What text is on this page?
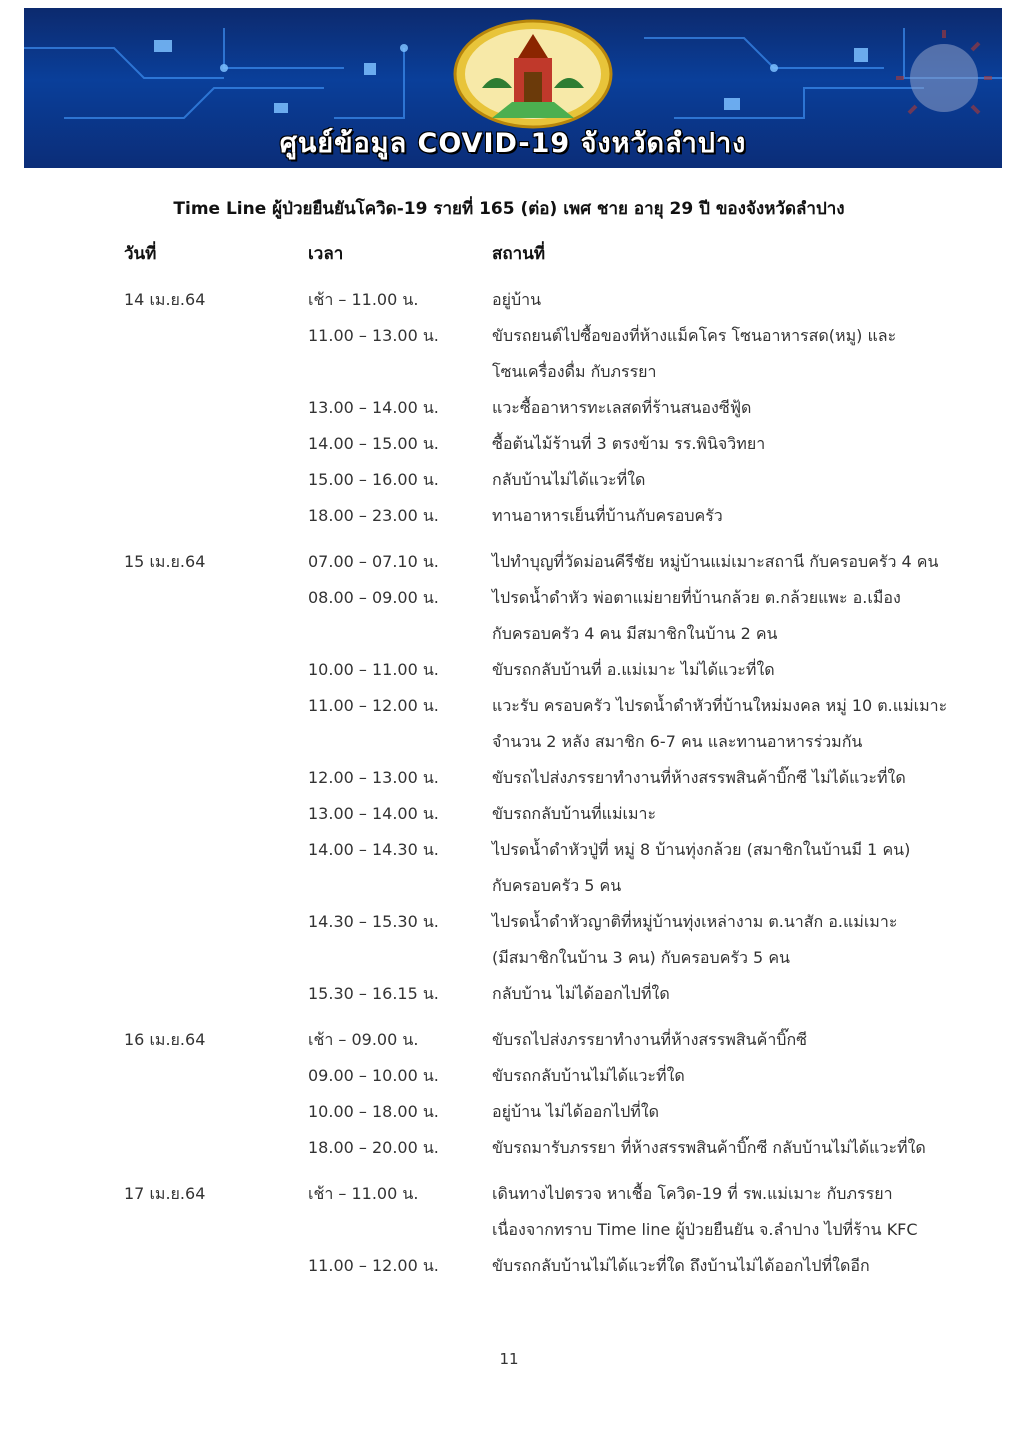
ศูนย์ข้อมูล COVID-19 จังหวัดลำปาง
Time Line ผู้ป่วยยืนยันโควิด-19 รายที่ 165 (ต่อ) เพศ ชาย อายุ 29 ปี ของจังหวัดลำปาง
วันที่	เวลา	สถานที่
14 เม.ย.64	เช้า – 11.00 น.	อยู่บ้าน
11.00 – 13.00 น.	ขับรถยนต์ไปซื้อของที่ห้างแม็คโคร โซนอาหารสด(หมู) และ
โซนเครื่องดื่ม กับภรรยา
13.00 – 14.00 น.	แวะซื้ออาหารทะเลสดที่ร้านสนองซีฟู้ด
14.00 – 15.00 น.	ซื้อต้นไม้ร้านที่ 3 ตรงข้าม รร.พินิจวิทยา
15.00 – 16.00 น.	กลับบ้านไม่ได้แวะที่ใด
18.00 – 23.00 น.	ทานอาหารเย็นที่บ้านกับครอบครัว
15 เม.ย.64	07.00 – 07.10 น.	ไปทำบุญที่วัดม่อนคีรีชัย หมู่บ้านแม่เมาะสถานี กับครอบครัว 4 คน
08.00 – 09.00 น.	ไปรดน้ำดำหัว พ่อตาแม่ยายที่บ้านกล้วย ต.กล้วยแพะ อ.เมือง
กับครอบครัว 4 คน มีสมาชิกในบ้าน 2 คน
10.00 – 11.00 น.	ขับรถกลับบ้านที่ อ.แม่เมาะ ไม่ได้แวะที่ใด
11.00 – 12.00 น.	แวะรับ ครอบครัว ไปรดน้ำดำหัวที่บ้านใหม่มงคล หมู่ 10 ต.แม่เมาะ
จำนวน 2 หลัง สมาชิก 6-7 คน และทานอาหารร่วมกัน
12.00 – 13.00 น.	ขับรถไปส่งภรรยาทำงานที่ห้างสรรพสินค้าบิ๊กซี ไม่ได้แวะที่ใด
13.00 – 14.00 น.	ขับรถกลับบ้านที่แม่เมาะ
14.00 – 14.30 น.	ไปรดน้ำดำหัวปู่ที่ หมู่ 8 บ้านทุ่งกล้วย (สมาชิกในบ้านมี 1 คน)
กับครอบครัว 5 คน
14.30 – 15.30 น.	ไปรดน้ำดำหัวญาติที่หมู่บ้านทุ่งเหล่างาม ต.นาสัก อ.แม่เมาะ
(มีสมาชิกในบ้าน 3 คน) กับครอบครัว 5 คน
15.30 – 16.15 น.	กลับบ้าน ไม่ได้ออกไปที่ใด
16 เม.ย.64	เช้า – 09.00 น.	ขับรถไปส่งภรรยาทำงานที่ห้างสรรพสินค้าบิ๊กซี
09.00 – 10.00 น.	ขับรถกลับบ้านไม่ได้แวะที่ใด
10.00 – 18.00 น.	อยู่บ้าน ไม่ได้ออกไปที่ใด
18.00 – 20.00 น.	ขับรถมารับภรรยา ที่ห้างสรรพสินค้าบิ๊กซี กลับบ้านไม่ได้แวะที่ใด
17 เม.ย.64	เช้า – 11.00 น.	เดินทางไปตรวจ หาเชื้อ โควิด-19 ที่ รพ.แม่เมาะ กับภรรยา
เนื่องจากทราบ Time line ผู้ป่วยยืนยัน จ.ลำปาง ไปที่ร้าน KFC
11.00 – 12.00 น.	ขับรถกลับบ้านไม่ได้แวะที่ใด ถึงบ้านไม่ได้ออกไปที่ใดอีก
11
